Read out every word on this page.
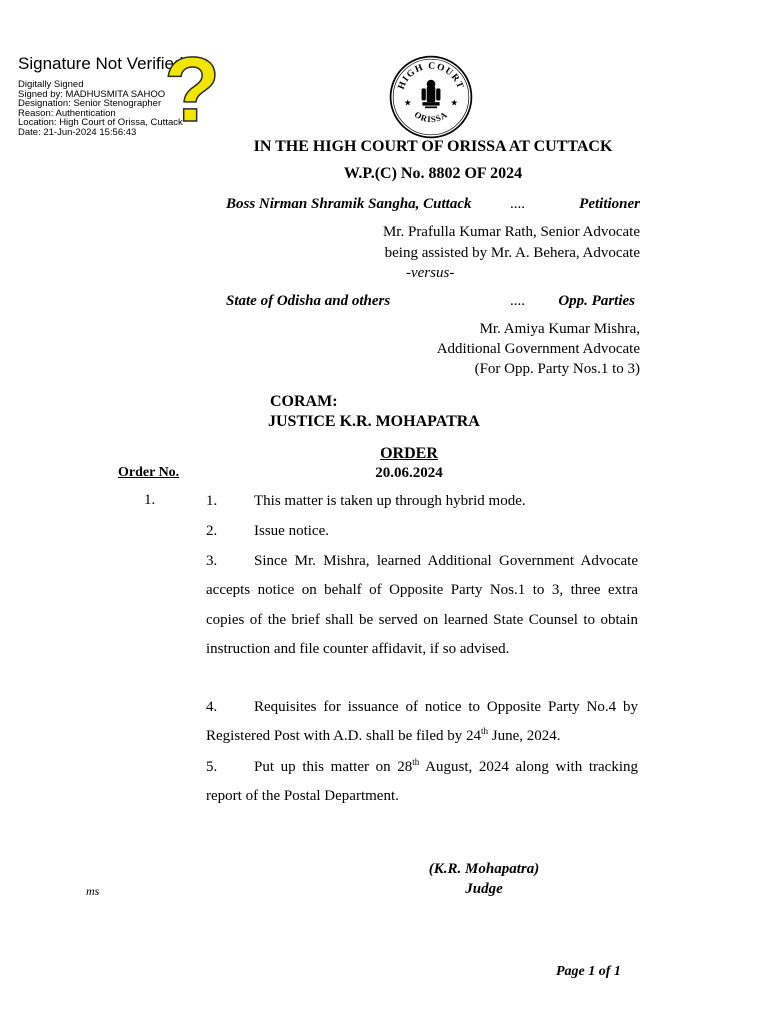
Signature Not Verified
Digitally Signed
Signed by: MADHUSMITA SAHOO
Designation: Senior Stenographer
Reason: Authentication
Location: High Court of Orissa, Cuttack
Date: 21-Jun-2024 15:56:43 ?	HIGH COURT
ORISSA
★	★
IN THE HIGH COURT OF ORISSA AT CUTTACK
W.P.(C) No. 8802 OF 2024
Boss Nirman Shramik Sangha, Cuttack	....	Petitioner
Mr. Prafulla Kumar Rath, Senior Advocate
being assisted by Mr. A. Behera, Advocate
-versus-
State of Odisha and others	.... Opp. Parties
Mr. Amiya Kumar Mishra,
Additional Government Advocate
(For Opp. Party Nos.1 to 3)
CORAM:
JUSTICE K.R. MOHAPATRA
ORDER
20.06.2024
Order No.
1.	1. This matter is taken up through hybrid mode.
2. Issue notice.
3. Since Mr. Mishra, learned Additional Government Advocate accepts notice on behalf of Opposite Party Nos.1 to 3, three extra copies of the brief shall be served on learned State Counsel to obtain instruction and file counter affidavit, if so advised.
4. Requisites for issuance of notice to Opposite Party No.4 by Registered Post with A.D. shall be filed by 24th June, 2024.
5. Put up this matter on 28th August, 2024 along with tracking report of the Postal Department.
(K.R. Mohapatra)
Judge
ms
Page 1 of 1
